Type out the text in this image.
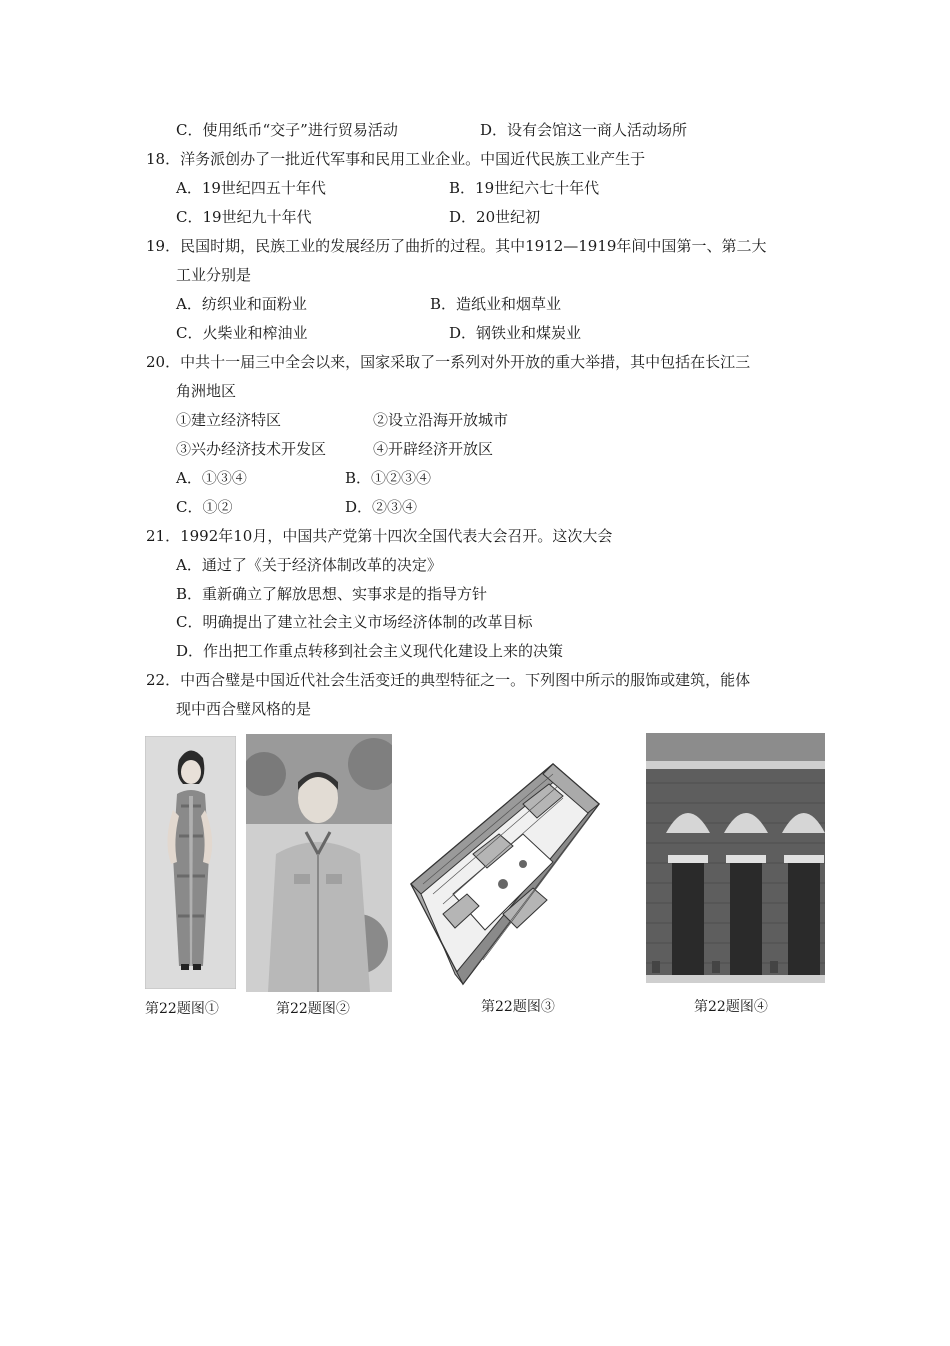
C．使用纸币“交子”进行贸易活动	D．设有会馆这一商人活动场所
18．洋务派创办了一批近代军事和民用工业企业。中国近代民族工业产生于
A．19世纪四五十年代	B．19世纪六七十年代
C．19世纪九十年代	D．20世纪初
19．民国时期，民族工业的发展经历了曲折的过程。其中1912—1919年间中国第一、第二大
工业分别是
A．纺织业和面粉业	B．造纸业和烟草业
C．火柴业和榨油业	D．钢铁业和煤炭业
20．中共十一届三中全会以来，国家采取了一系列对外开放的重大举措，其中包括在长江三
角洲地区
①建立经济特区	②设立沿海开放城市
③兴办经济技术开发区	④开辟经济开放区
A．①③④	B．①②③④
C．①②	D．②③④
21．1992年10月，中国共产党第十四次全国代表大会召开。这次大会
A．通过了《关于经济体制改革的决定》
B．重新确立了解放思想、实事求是的指导方针
C．明确提出了建立社会主义市场经济体制的改革目标
D．作出把工作重点转移到社会主义现代化建设上来的决策
22．中西合璧是中国近代社会生活变迁的典型特征之一。下列图中所示的服饰或建筑，能体
现中西合璧风格的是
第22题图①	第22题图②	第22题图③	第22题图④
